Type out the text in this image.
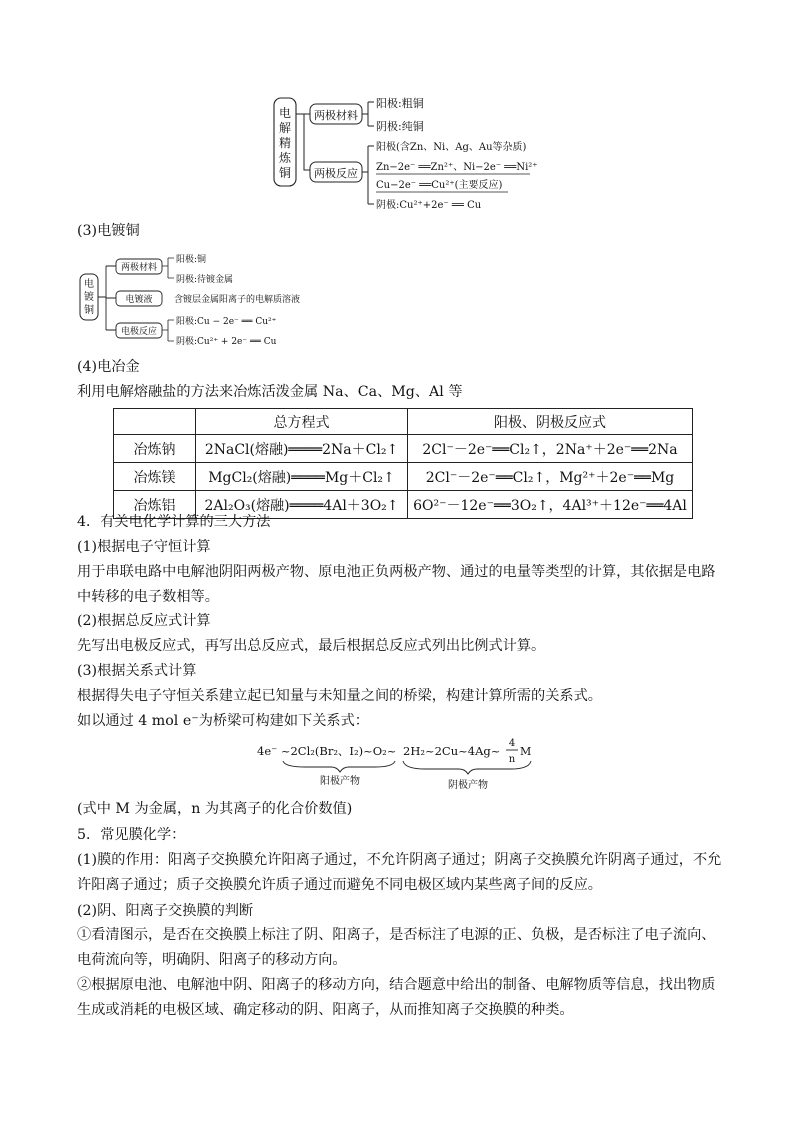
电
解
精
炼
铜
两极材料
阳极:粗铜
阴极:纯铜
两极反应
阳极(含Zn、Ni、Ag、Au等杂质)
Zn−2e⁻ ══Zn²⁺、Ni−2e⁻ ══Ni²⁺
Cu−2e⁻ ══Cu²⁺(主要反应)
阴极:Cu²⁺+2e⁻ ══ Cu
(3)电镀铜
电
镀
铜
两极材料
阳极:铜
阴极:待镀金属
电镀液 含镀层金属阳离子的电解质溶液
电极反应
阳极:Cu − 2e⁻ ══ Cu²⁺
阴极:Cu²⁺ + 2e⁻ ══ Cu
(4)电冶金
利用电解熔融盐的方法来冶炼活泼金属 Na、Ca、Mg、Al 等
	总方程式	阳极、阴极反应式
冶炼钠	2NaCl(熔融)════2Na＋Cl₂↑	2Cl⁻－2e⁻══Cl₂↑，2Na⁺＋2e⁻══2Na
冶炼镁	MgCl₂(熔融)════Mg＋Cl₂↑	2Cl⁻－2e⁻══Cl₂↑，Mg²⁺＋2e⁻══Mg
冶炼铝	2Al₂O₃(熔融)════4Al＋3O₂↑	6O²⁻－12e⁻══3O₂↑，4Al³⁺＋12e⁻══4Al
4．有关电化学计算的三大方法
(1)根据电子守恒计算
用于串联电路中电解池阴阳两极产物、原电池正负两极产物、通过的电量等类型的计算，其依据是电路中转移的电子数相等。
(2)根据总反应式计算
先写出电极反应式，再写出总反应式，最后根据总反应式列出比例式计算。
(3)根据关系式计算
根据得失电子守恒关系建立起已知量与未知量之间的桥梁，构建计算所需的关系式。
如以通过 4 mol e⁻为桥梁可构建如下关系式：
4e⁻ ~2Cl₂(Br₂、I₂)~O₂~ 2H₂~2Cu~4Ag~
4
n
M
阳极产物	阴极产物
(式中 M 为金属，n 为其离子的化合价数值)
5．常见膜化学：
(1)膜的作用：阳离子交换膜允许阳离子通过，不允许阴离子通过；阴离子交换膜允许阴离子通过，不允许阳离子通过；质子交换膜允许质子通过而避免不同电极区域内某些离子间的反应。
(2)阴、阳离子交换膜的判断
①看清图示，是否在交换膜上标注了阴、阳离子，是否标注了电源的正、负极，是否标注了电子流向、电荷流向等，明确阴、阳离子的移动方向。
②根据原电池、电解池中阴、阳离子的移动方向，结合题意中给出的制备、电解物质等信息，找出物质生成或消耗的电极区域、确定移动的阴、阳离子，从而推知离子交换膜的种类。
